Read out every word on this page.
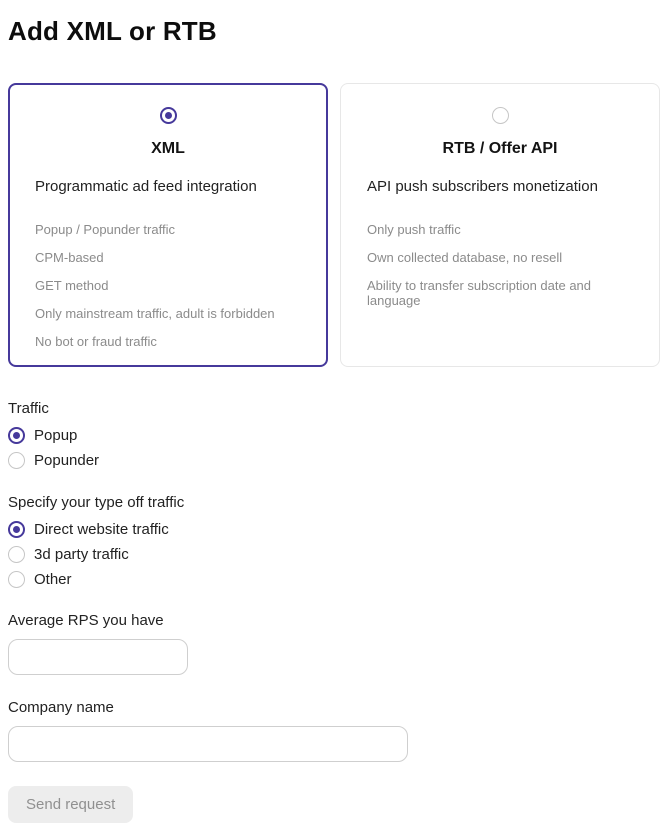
Add XML or RTB
XML

Programmatic ad feed integration

Popup / Popunder traffic
CPM-based
GET method
Only mainstream traffic, adult is forbidden
No bot or fraud traffic
RTB / Offer API

API push subscribers monetization

Only push traffic
Own collected database, no resell
Ability to transfer subscription date and language
Traffic
Popup
Popunder
Specify your type off traffic
Direct website traffic
3d party traffic
Other
Average RPS you have
Company name
Send request
